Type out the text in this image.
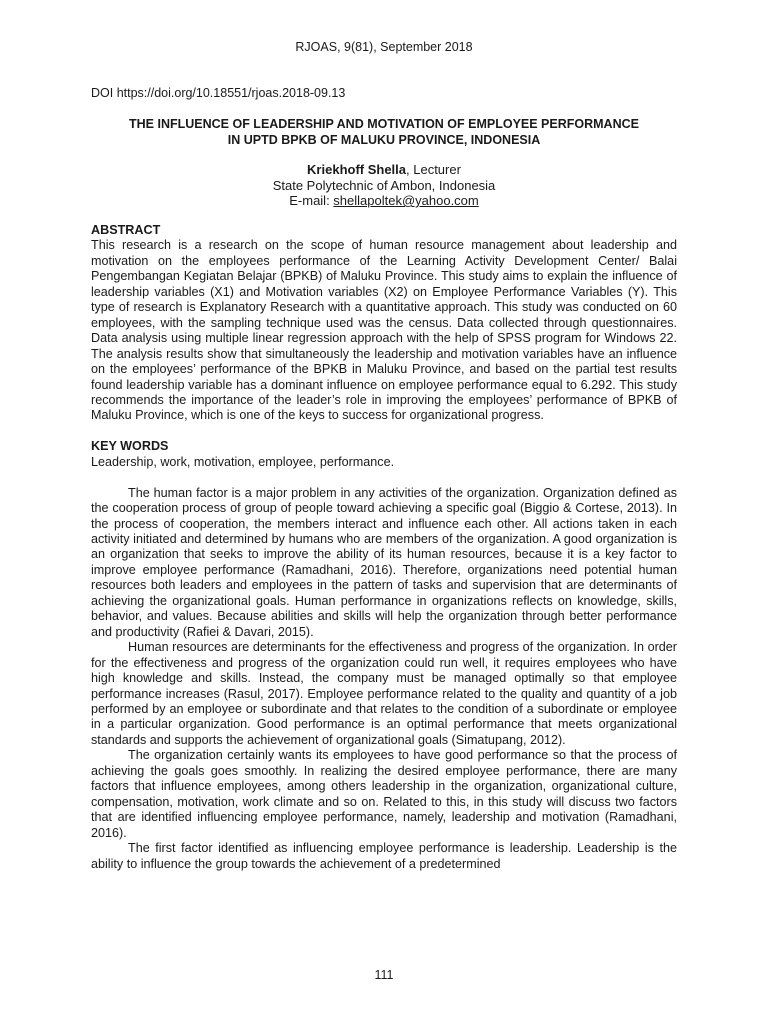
RJOAS, 9(81), September 2018
DOI https://doi.org/10.18551/rjoas.2018-09.13
THE INFLUENCE OF LEADERSHIP AND MOTIVATION OF EMPLOYEE PERFORMANCE
IN UPTD BPKB OF MALUKU PROVINCE, INDONESIA
Kriekhoff Shella, Lecturer
State Polytechnic of Ambon, Indonesia
E-mail: shellapoltek@yahoo.com
ABSTRACT

This research is a research on the scope of human resource management about leadership and motivation on the employees performance of the Learning Activity Development Center/ Balai Pengembangan Kegiatan Belajar (BPKB) of Maluku Province. This study aims to explain the influence of leadership variables (X1) and Motivation variables (X2) on Employee Performance Variables (Y). This type of research is Explanatory Research with a quantitative approach. This study was conducted on 60 employees, with the sampling technique used was the census. Data collected through questionnaires. Data analysis using multiple linear regression approach with the help of SPSS program for Windows 22. The analysis results show that simultaneously the leadership and motivation variables have an influence on the employees’ performance of the BPKB in Maluku Province, and based on the partial test results found leadership variable has a dominant influence on employee performance equal to 6.292. This study recommends the importance of the leader’s role in improving the employees’ performance of BPKB of Maluku Province, which is one of the keys to success for organizational progress.

KEY WORDS

Leadership, work, motivation, employee, performance.

The human factor is a major problem in any activities of the organization. Organization defined as the cooperation process of group of people toward achieving a specific goal (Biggio & Cortese, 2013). In the process of cooperation, the members interact and influence each other. All actions taken in each activity initiated and determined by humans who are members of the organization. A good organization is an organization that seeks to improve the ability of its human resources, because it is a key factor to improve employee performance (Ramadhani, 2016). Therefore, organizations need potential human resources both leaders and employees in the pattern of tasks and supervision that are determinants of achieving the organizational goals. Human performance in organizations reflects on knowledge, skills, behavior, and values. Because abilities and skills will help the organization through better performance and productivity (Rafiei & Davari, 2015).

Human resources are determinants for the effectiveness and progress of the organization. In order for the effectiveness and progress of the organization could run well, it requires employees who have high knowledge and skills. Instead, the company must be managed optimally so that employee performance increases (Rasul, 2017). Employee performance related to the quality and quantity of a job performed by an employee or subordinate and that relates to the condition of a subordinate or employee in a particular organization. Good performance is an optimal performance that meets organizational standards and supports the achievement of organizational goals (Simatupang, 2012).

The organization certainly wants its employees to have good performance so that the process of achieving the goals goes smoothly. In realizing the desired employee performance, there are many factors that influence employees, among others leadership in the organization, organizational culture, compensation, motivation, work climate and so on. Related to this, in this study will discuss two factors that are identified influencing employee performance, namely, leadership and motivation (Ramadhani, 2016).

The first factor identified as influencing employee performance is leadership. Leadership is the ability to influence the group towards the achievement of a predetermined

111
